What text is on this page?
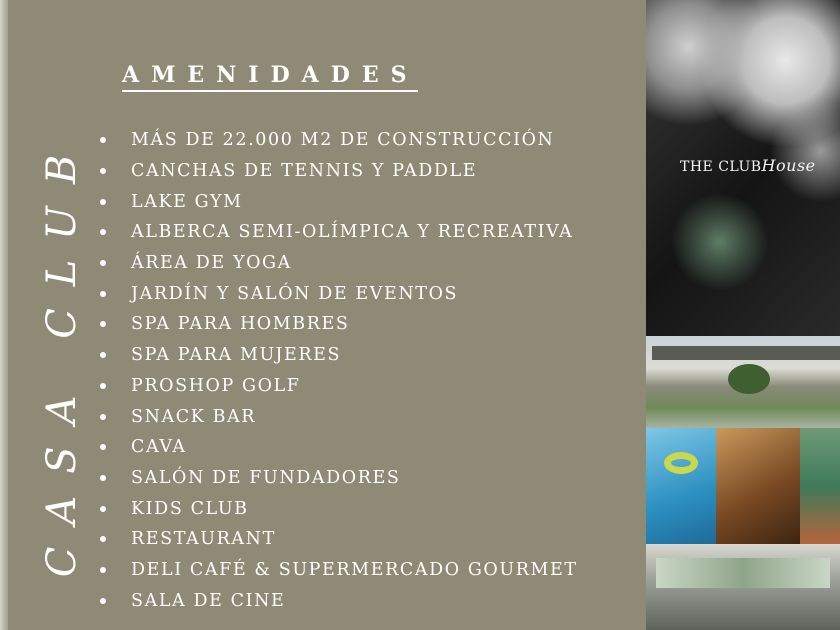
AMENIDADES
CASA CLUB	MÁS DE 22.000 M2 DE CONSTRUCCIÓN
CANCHAS DE TENNIS Y PADDLE
LAKE GYM
ALBERCA SEMI-OLÍMPICA Y RECREATIVA
ÁREA DE YOGA
JARDÍN Y SALÓN DE EVENTOS
SPA PARA HOMBRES
SPA PARA MUJERES
PROSHOP GOLF
SNACK BAR
CAVA
SALÓN DE FUNDADORES
KIDS CLUB
RESTAURANT
DELI CAFÉ & SUPERMERCADO GOURMET
SALA DE CINE
THE CLUBHouse
